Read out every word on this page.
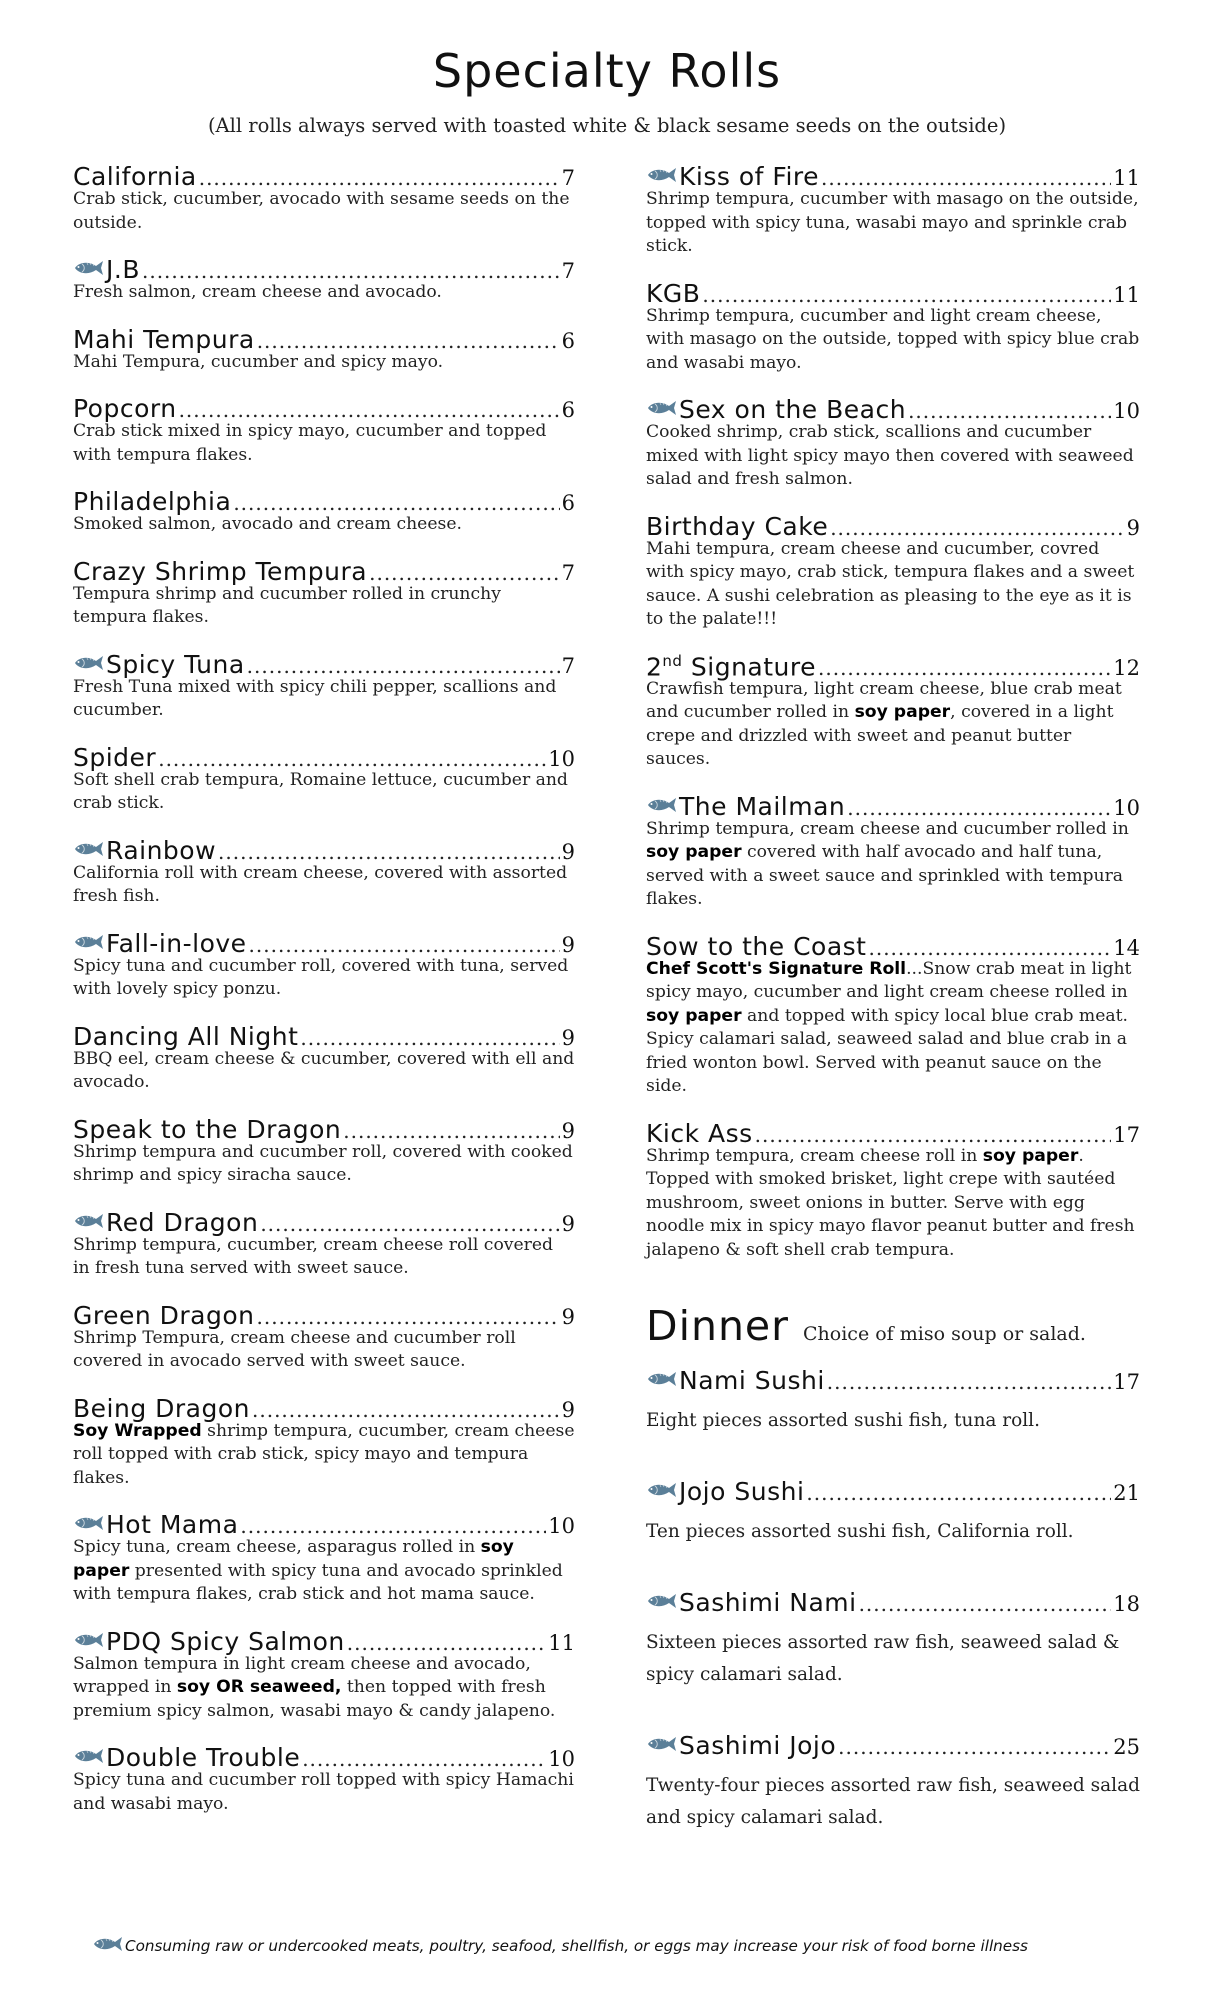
Specialty Rolls
(All rolls always served with toasted white & black sesame seeds on the outside)
California .....	7
Crab stick, cucumber, avocado with sesame seeds on the outside.
J.B .....	7
Fresh salmon, cream cheese and avocado.
Mahi Tempura .....	6
Mahi Tempura, cucumber and spicy mayo.
Popcorn .....	6
Crab stick mixed in spicy mayo, cucumber and topped with tempura flakes.
Philadelphia .....	6
Smoked salmon, avocado and cream cheese.
Crazy Shrimp Tempura .....	7
Tempura shrimp and cucumber rolled in crunchy tempura flakes.
Spicy Tuna .....	7
Fresh Tuna mixed with spicy chili pepper, scallions and cucumber.
Spider .....	10
Soft shell crab tempura, Romaine lettuce, cucumber and crab stick.
Rainbow .....	9
California roll with cream cheese, covered with assorted fresh fish.
Fall-in-love .....	9
Spicy tuna and cucumber roll, covered with tuna, served with lovely spicy ponzu.
Dancing All Night .....	9
BBQ eel, cream cheese & cucumber, covered with ell and avocado.
Speak to the Dragon .....	9
Shrimp tempura and cucumber roll, covered with cooked shrimp and spicy siracha sauce.
Red Dragon .....	9
Shrimp tempura, cucumber, cream cheese roll covered in fresh tuna served with sweet sauce.
Green Dragon .....	9
Shrimp Tempura, cream cheese and cucumber roll covered in avocado served with sweet sauce.
Being Dragon .....	9
Soy Wrapped shrimp tempura, cucumber, cream cheese roll topped with crab stick, spicy mayo and tempura flakes.
Hot Mama .....	10
Spicy tuna, cream cheese, asparagus rolled in soy paper presented with spicy tuna and avocado sprinkled with tempura flakes, crab stick and hot mama sauce.
PDQ Spicy Salmon .....	11
Salmon tempura in light cream cheese and avocado, wrapped in soy OR seaweed, then topped with fresh premium spicy salmon, wasabi mayo & candy jalapeno.
Double Trouble .....	10
Spicy tuna and cucumber roll topped with spicy Hamachi and wasabi mayo.
Kiss of Fire .....	11
Shrimp tempura, cucumber with masago on the outside, topped with spicy tuna, wasabi mayo and sprinkle crab stick.
KGB .....	11
Shrimp tempura, cucumber and light cream cheese, with masago on the outside, topped with spicy blue crab and wasabi mayo.
Sex on the Beach .....	10
Cooked shrimp, crab stick, scallions and cucumber mixed with light spicy mayo then covered with seaweed salad and fresh salmon.
Birthday Cake .....	9
Mahi tempura, cream cheese and cucumber, covred with spicy mayo, crab stick, tempura flakes and a sweet sauce. A sushi celebration as pleasing to the eye as it is to the palate!!!
2nd Signature .....	12
Crawfish tempura, light cream cheese, blue crab meat and cucumber rolled in soy paper, covered in a light crepe and drizzled with sweet and peanut butter sauces.
The Mailman .....	10
Shrimp tempura, cream cheese and cucumber rolled in soy paper covered with half avocado and half tuna, served with a sweet sauce and sprinkled with tempura flakes.
Sow to the Coast .....	14
Chef Scott's Signature Roll...Snow crab meat in light spicy mayo, cucumber and light cream cheese rolled in soy paper and topped with spicy local blue crab meat. Spicy calamari salad, seaweed salad and blue crab in a fried wonton bowl. Served with peanut sauce on the side.
Kick Ass .....	17
Shrimp tempura, cream cheese roll in soy paper. Topped with smoked brisket, light crepe with sautéed mushroom, sweet onions in butter. Serve with egg noodle mix in spicy mayo flavor peanut butter and fresh jalapeno & soft shell crab tempura.
Dinner Choice of miso soup or salad.
Nami Sushi .....	17
Eight pieces assorted sushi fish, tuna roll.
Jojo Sushi .....	21
Ten pieces assorted sushi fish, California roll.
Sashimi Nami .....	18
Sixteen pieces assorted raw fish, seaweed salad & spicy calamari salad.
Sashimi Jojo .....	25
Twenty-four pieces assorted raw fish, seaweed salad and spicy calamari salad.
Consuming raw or undercooked meats, poultry, seafood, shellfish, or eggs may increase your risk of food borne illness
